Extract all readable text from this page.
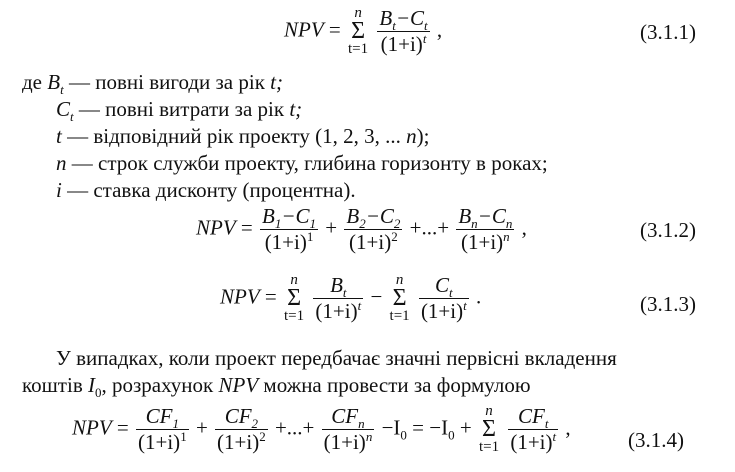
NPV =
n
Σ
t=1
$\frac{B_t-C_t}{(1+i)^t}$ ,	(3.1.1)
де $B_t$ — повні вигоди за рік t;
$C_t$ — повні витрати за рік t;
t — відповідний рік проекту (1, 2, 3, ... n);
n — строк служби проекту, глибина горизонту в роках;
i — ставка дисконту (процентна).
NPV = $\frac{B_1-C_1}{(1+i)^1} + \frac{B_2-C_2}{(1+i)^2}$ +...+ $\frac{B_n-C_n}{(1+i)^n}$ ,	(3.1.2)
NPV =
n
Σ
t=1
$\frac{B_t}{(1+i)^t}$ −
n
Σ
t=1
$\frac{C_t}{(1+i)^t}$ .	(3.1.3)
У випадках, коли проект передбачає значні первісні вкладення
коштів $I_0$, розрахунок NPV можна провести за формулою
NPV = $\frac{CF_1}{(1+i)^1} + \frac{CF_2}{(1+i)^2}$ +...+ $\frac{CF_n}{(1+i)^n} -I_0 = -I_0$ +
n
Σ
t=1
$\frac{CF_t}{(1+i)^t}$ ,
(3.1.4)
